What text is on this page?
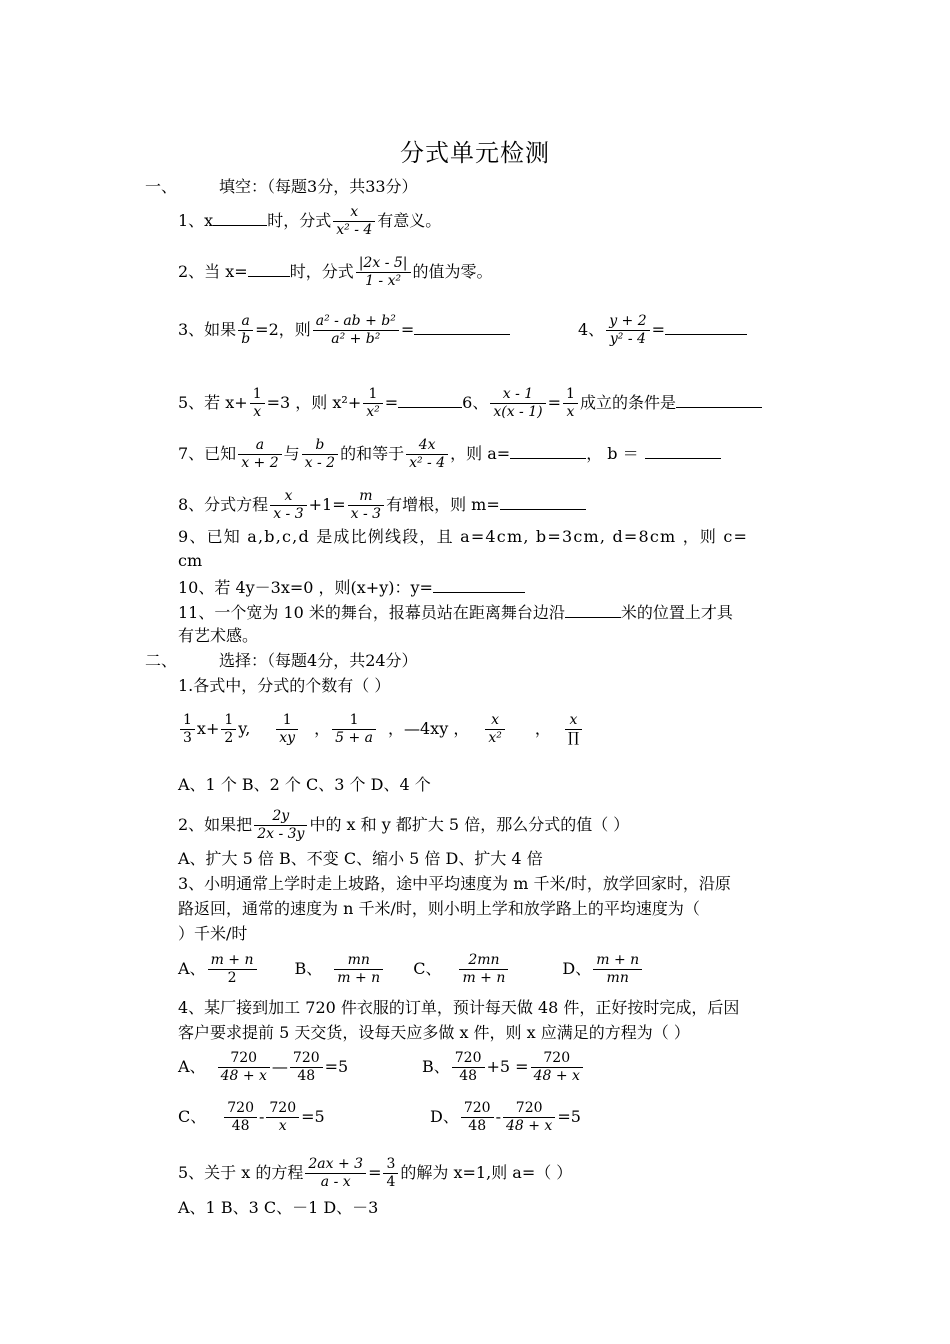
分式单元检测
一、	填空：（每题3分，共33分）
1、x	时，分式 $\frac{x}{\text{x² - 4}}$ 有意义。
2、当 x=	时，分式 $\frac{|2x - 5|}{\text{1 - x²}}$ 的值为零。
3、如果 $\frac{a}{b} =2$，则 $\frac{\text{a² - ab + b²}}{\text{a² + b²}}$ =	4、 $\frac{y + 2}{\text{y² - 4}}$ =
5、若 $x+ \frac{1}{x} =3$ ，则 $x^2+ \frac{1}{\text{x²}}$ =	6、 $\frac{x - 1}{x(x - 1)} = \frac{1}{x}$ 成立的条件是
7、已知 $\frac{a}{x + 2}$ 与 $\frac{b}{x - 2}$ 的和等于 $\frac{4x}{\text{x² - 4}}$ ，则 a=	， b ＝
8、分式方程 $\frac{x}{x - 3} +1= \frac{m}{x - 3}$ 有增根，则 m=
9、已知 a,b,c,d 是成比例线段，且 a=4cm, b=3cm, d=8cm ，则 c=
cm
10、若 4y－3x=0 ，则(x+y)：y=
11、一个宽为 10 米的舞台，报幕员站在距离舞台边沿	米的位置上才具
有艺术感。
二、	选择：（每题4分，共24分）
1.各式中，分式的个数有（ ）
$\frac{1}{3} x+ \frac{1}{2} y$, $\frac{1}{xy}$ ， $\frac{1}{5 + a}$ ，—4xy ， $\frac{x}{\text{x²}}$ ， $\frac{x}{\prod}$
A、1 个 B、2 个 C、3 个 D、4 个
2、如果把 $\frac{2y}{2x - 3y}$ 中的 x 和 y 都扩大 5 倍，那么分式的值（ ）
A、扩大 5 倍 B、不变 C、缩小 5 倍 D、扩大 4 倍
3、小明通常上学时走上坡路，途中平均速度为 m 千米/时，放学回家时，沿原
路返回，通常的速度为 n 千米/时，则小明上学和放学路上的平均速度为（
）千米/时
A、 $\frac{m + n}{2}$ B、 $\frac{mn}{m + n}$ C、 $\frac{2mn}{m + n}$	D、 $\frac{m + n}{mn}$
4、某厂接到加工 720 件衣服的订单，预计每天做 48 件，正好按时完成，后因
客户要求提前 5 天交货，设每天应多做 x 件，则 x 应满足的方程为（ ）
A、 $\frac{720}{48 + x}$ — $\frac{720}{48} =5$	B、 $\frac{720}{48} +5 = \frac{720}{48 + x}$
C、 $\frac{720}{48} - \frac{720}{x} =5$	D、 $\frac{720}{48} - \frac{720}{48 + x} =5$
5、关于 x 的方程 $\frac{2ax + 3}{a - x} = \frac{3}{4}$ 的解为 x=1,则 a=（ ）
A、1 B、3 C、－1 D、－3
